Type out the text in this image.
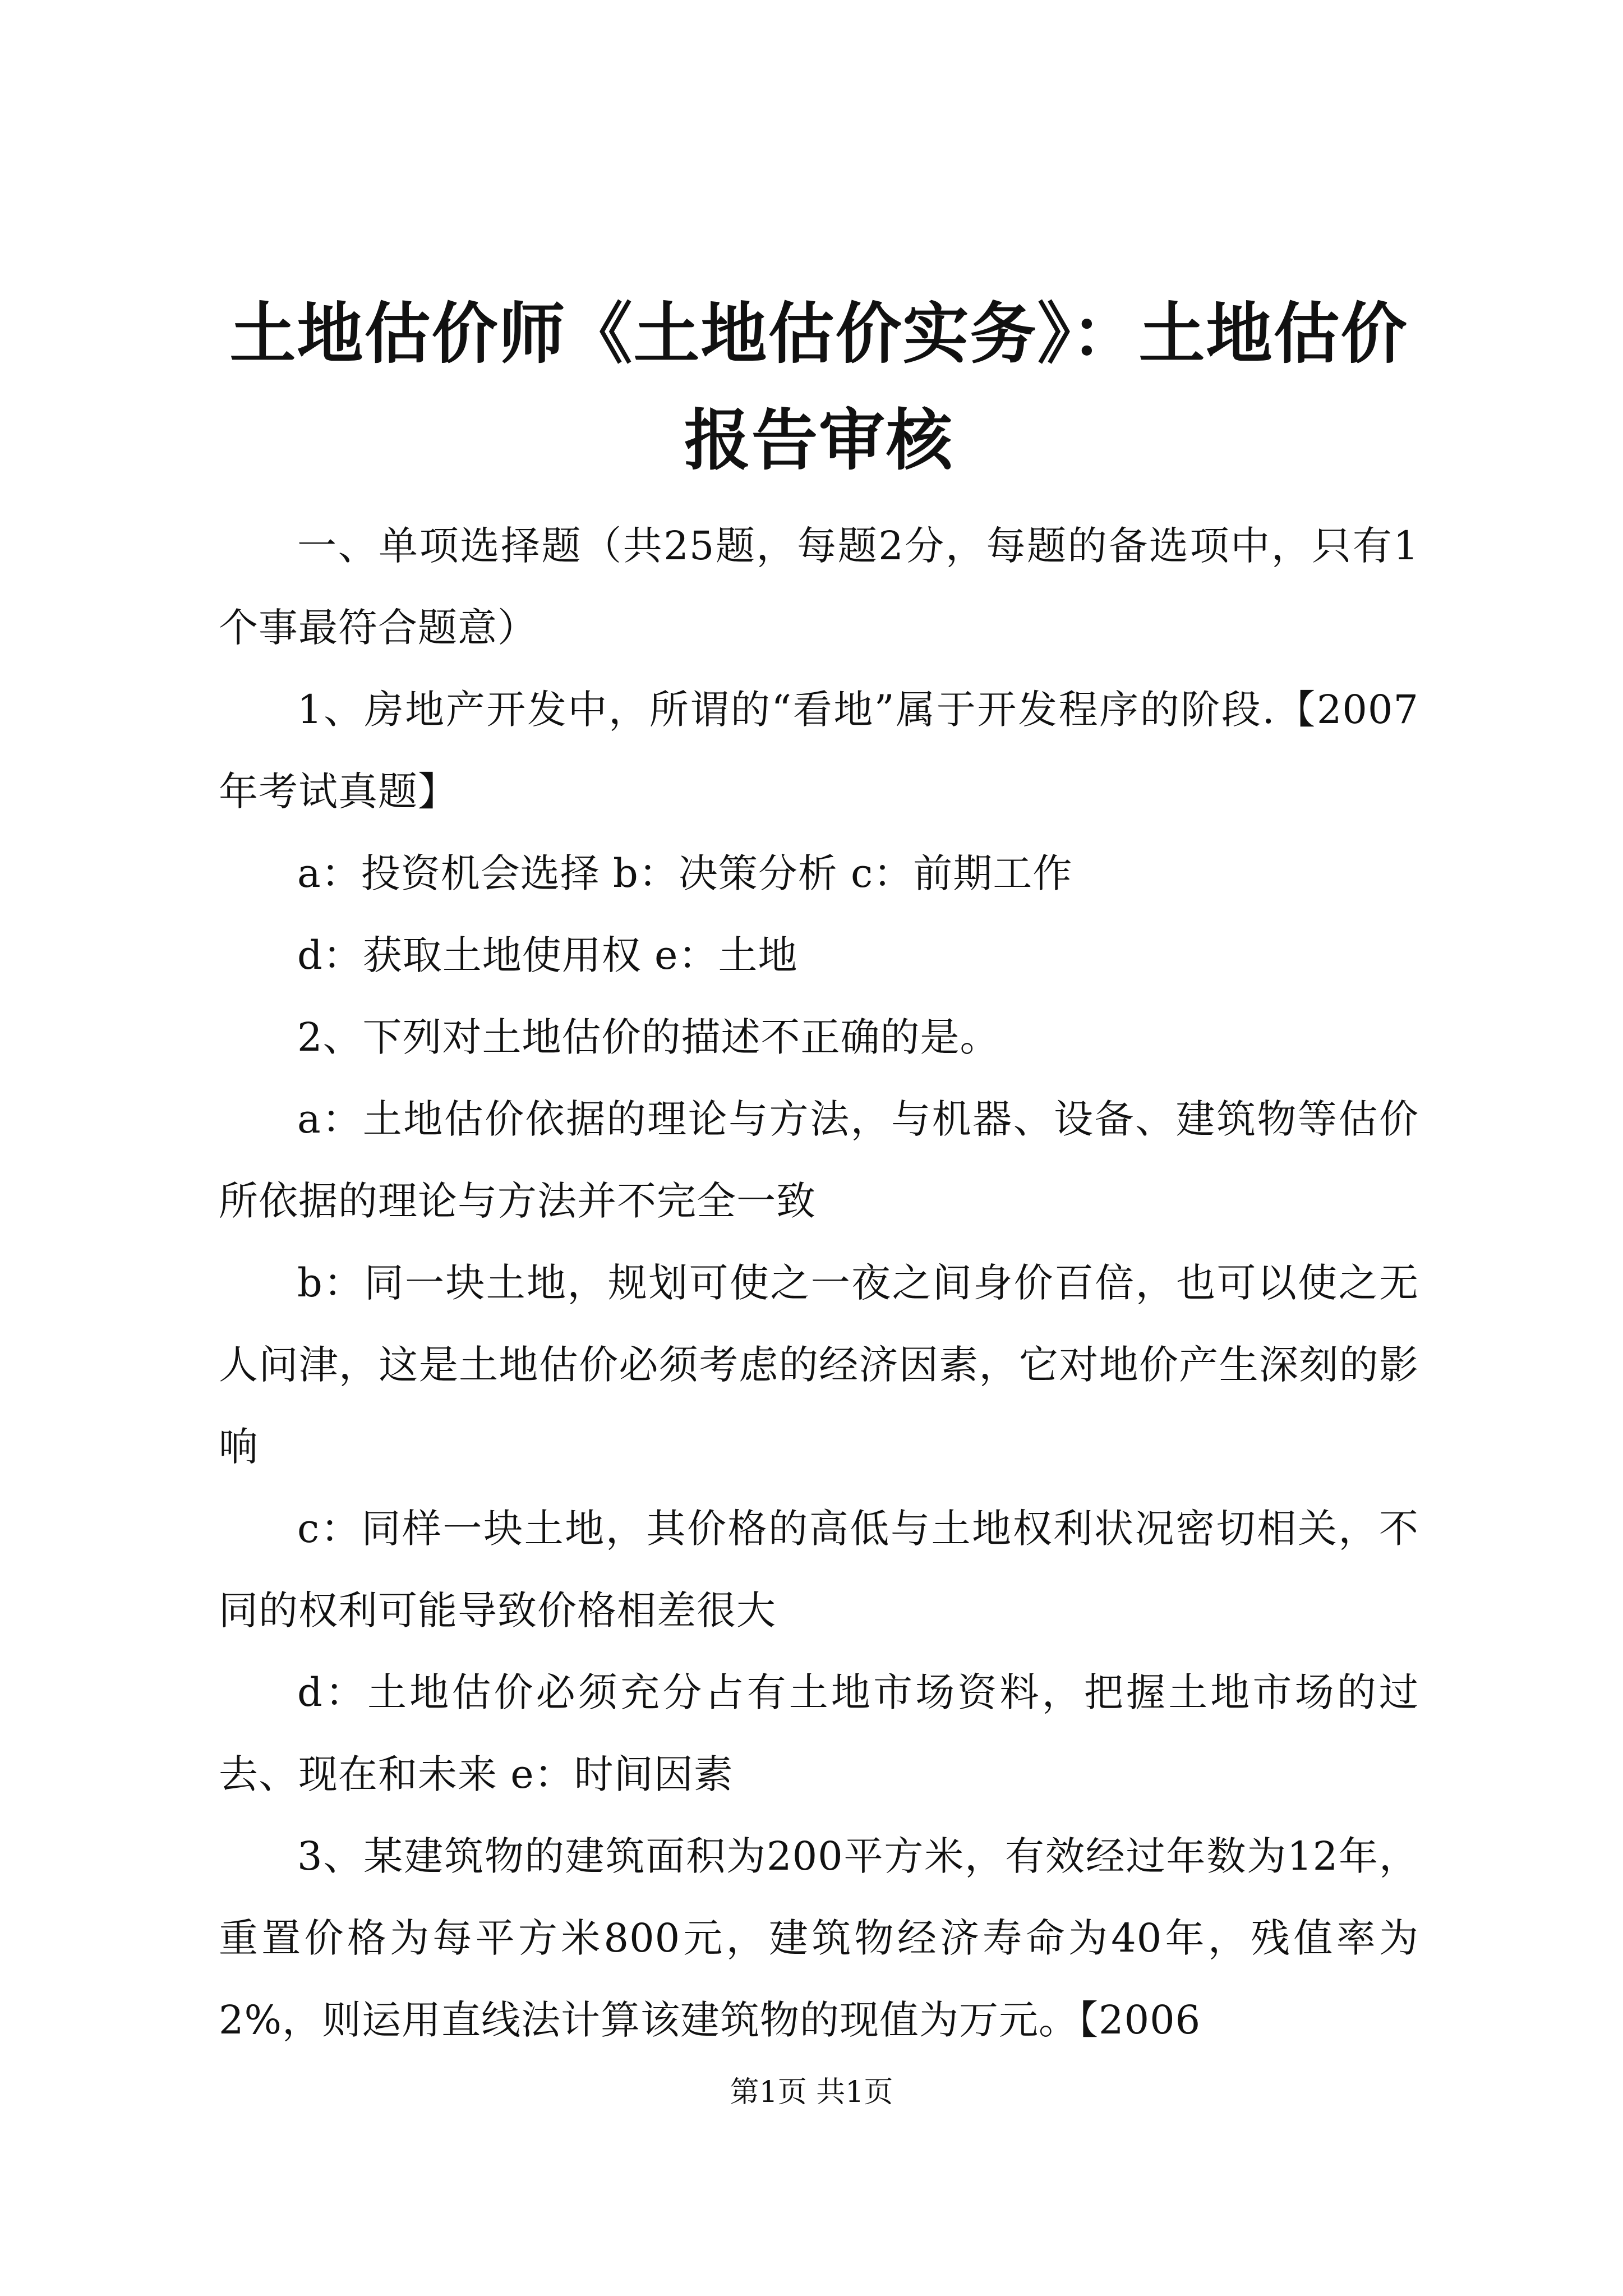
土地估价师《土地估价实务》：土地估价报告审核

一、单项选择题（共25题，每题2分，每题的备选项中，只有1个事最符合题意）

1、房地产开发中，所谓的“看地”属于开发程序的阶段.【2007年考试真题】

a：投资机会选择 b：决策分析 c：前期工作

d：获取土地使用权 e：土地

2、下列对土地估价的描述不正确的是。

a：土地估价依据的理论与方法，与机器、设备、建筑物等估价所依据的理论与方法并不完全一致

b：同一块土地，规划可使之一夜之间身价百倍，也可以使之无人问津，这是土地估价必须考虑的经济因素，它对地价产生深刻的影响

c：同样一块土地，其价格的高低与土地权利状况密切相关，不同的权利可能导致价格相差很大

d：土地估价必须充分占有土地市场资料，把握土地市场的过去、现在和未来 e：时间因素

3、某建筑物的建筑面积为200平方米，有效经过年数为12年，重置价格为每平方米800元，建筑物经济寿命为40年，残值率为2%，则运用直线法计算该建筑物的现值为万元。【2006

第1页 共1页
